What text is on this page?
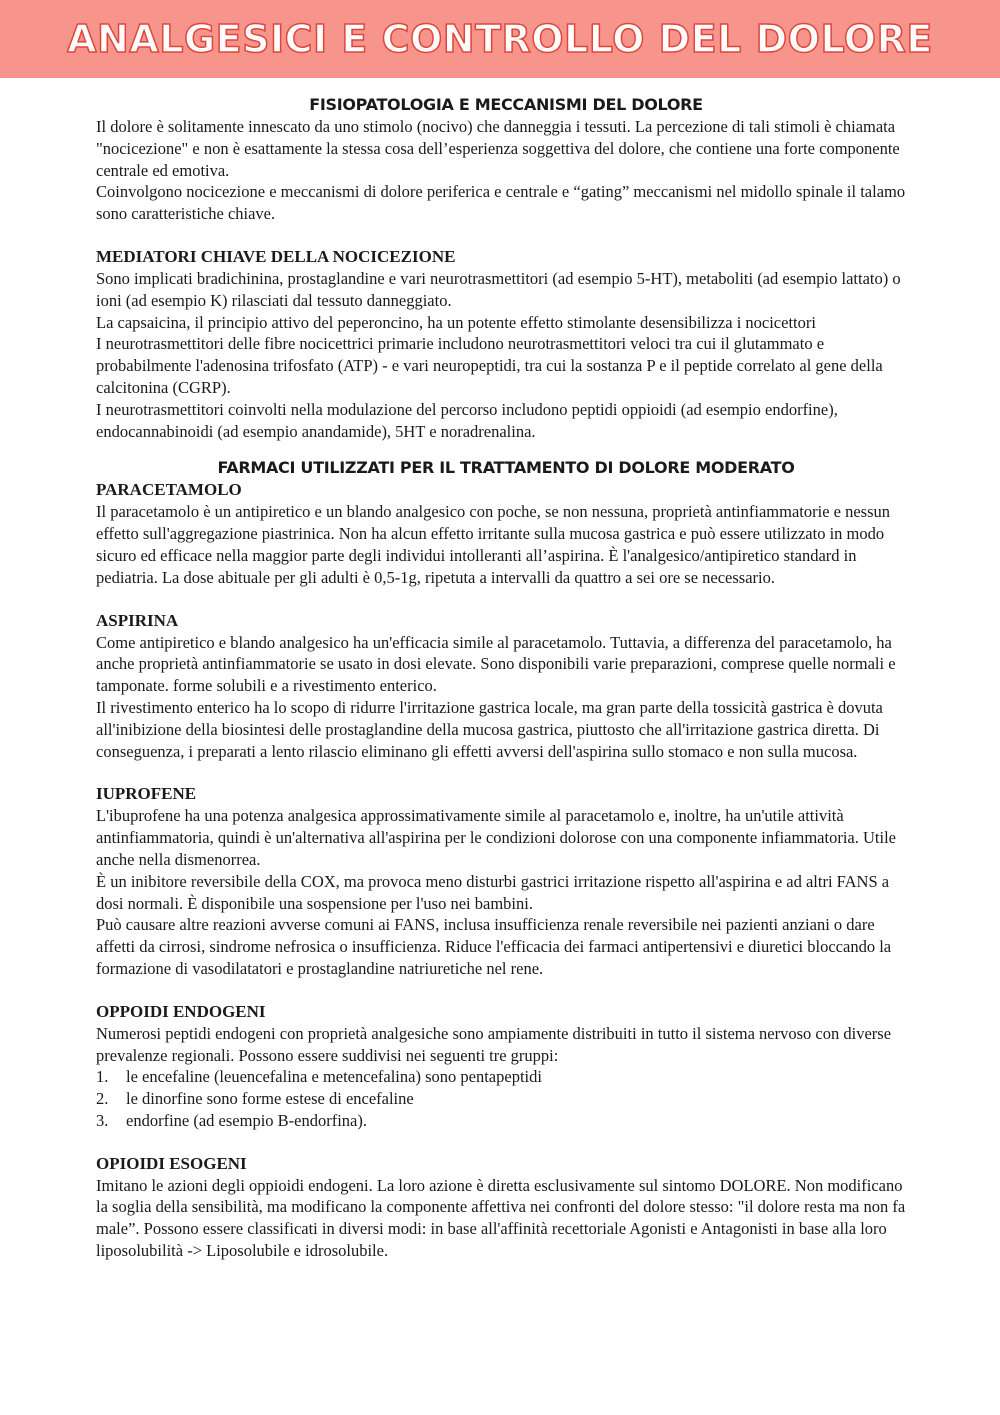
ANALGESICI E CONTROLLO DEL DOLORE
FISIOPATOLOGIA E MECCANISMI DEL DOLORE

Il dolore è solitamente innescato da uno stimolo (nocivo) che danneggia i tessuti. La percezione di tali stimoli è chiamata "nocicezione" e non è esattamente la stessa cosa dell’esperienza soggettiva del dolore, che contiene una forte componente centrale ed emotiva.

Coinvolgono nocicezione e meccanismi di dolore periferica e centrale e “gating” meccanismi nel midollo spinale il talamo sono caratteristiche chiave.

MEDIATORI CHIAVE DELLA NOCICEZIONE

Sono implicati bradichinina, prostaglandine e vari neurotrasmettitori (ad esempio 5-HT), metaboliti (ad esempio lattato) o ioni (ad esempio K) rilasciati dal tessuto danneggiato.

La capsaicina, il principio attivo del peperoncino, ha un potente effetto stimolante desensibilizza i nocicettori

I neurotrasmettitori delle fibre nocicettrici primarie includono neurotrasmettitori veloci tra cui il glutammato e probabilmente l'adenosina trifosfato (ATP) - e vari neuropeptidi, tra cui la sostanza P e il peptide correlato al gene della calcitonina (CGRP).

I neurotrasmettitori coinvolti nella modulazione del percorso includono peptidi oppioidi (ad esempio endorfine), endocannabinoidi (ad esempio anandamide), 5HT e noradrenalina.

FARMACI UTILIZZATI PER IL TRATTAMENTO DI DOLORE MODERATO
PARACETAMOLO

Il paracetamolo è un antipiretico e un blando analgesico con poche, se non nessuna, proprietà antinfiammatorie e nessun effetto sull'aggregazione piastrinica. Non ha alcun effetto irritante sulla mucosa gastrica e può essere utilizzato in modo sicuro ed efficace nella maggior parte degli individui intolleranti all’aspirina. È l'analgesico/antipiretico standard in pediatria. La dose abituale per gli adulti è 0,5-1g, ripetuta a intervalli da quattro a sei ore se necessario.

ASPIRINA

Come antipiretico e blando analgesico ha un'efficacia simile al paracetamolo. Tuttavia, a differenza del paracetamolo, ha anche proprietà antinfiammatorie se usato in dosi elevate. Sono disponibili varie preparazioni, comprese quelle normali e tamponate. forme solubili e a rivestimento enterico.

Il rivestimento enterico ha lo scopo di ridurre l'irritazione gastrica locale, ma gran parte della tossicità gastrica è dovuta all'inibizione della biosintesi delle prostaglandine della mucosa gastrica, piuttosto che all'irritazione gastrica diretta. Di conseguenza, i preparati a lento rilascio eliminano gli effetti avversi dell'aspirina sullo stomaco e non sulla mucosa.

IUPROFENE

L'ibuprofene ha una potenza analgesica approssimativamente simile al paracetamolo e, inoltre, ha un'utile attività antinfiammatoria, quindi è un'alternativa all'aspirina per le condizioni dolorose con una componente infiammatoria. Utile anche nella dismenorrea.

È un inibitore reversibile della COX, ma provoca meno disturbi gastrici irritazione rispetto all'aspirina e ad altri FANS a dosi normali. È disponibile una sospensione per l'uso nei bambini.

Può causare altre reazioni avverse comuni ai FANS, inclusa insufficienza renale reversibile nei pazienti anziani o dare affetti da cirrosi, sindrome nefrosica o insufficienza. Riduce l'efficacia dei farmaci antipertensivi e diuretici bloccando la formazione di vasodilatatori e prostaglandine natriuretiche nel rene.

OPPOIDI ENDOGENI

Numerosi peptidi endogeni con proprietà analgesiche sono ampiamente distribuiti in tutto il sistema nervoso con diverse prevalenze regionali. Possono essere suddivisi nei seguenti tre gruppi:

1.	le encefaline (leuencefalina e metencefalina) sono pentapeptidi
2.	le dinorfine sono forme estese di encefaline
3.	endorfine (ad esempio B-endorfina).
OPIOIDI ESOGENI

Imitano le azioni degli oppioidi endogeni. La loro azione è diretta esclusivamente sul sintomo DOLORE. Non modificano la soglia della sensibilità, ma modificano la componente affettiva nei confronti del dolore stesso: "il dolore resta ma non fa male”. Possono essere classificati in diversi modi: in base all'affinità recettoriale Agonisti e Antagonisti in base alla loro liposolubilità -> Liposolubile e idrosolubile.
